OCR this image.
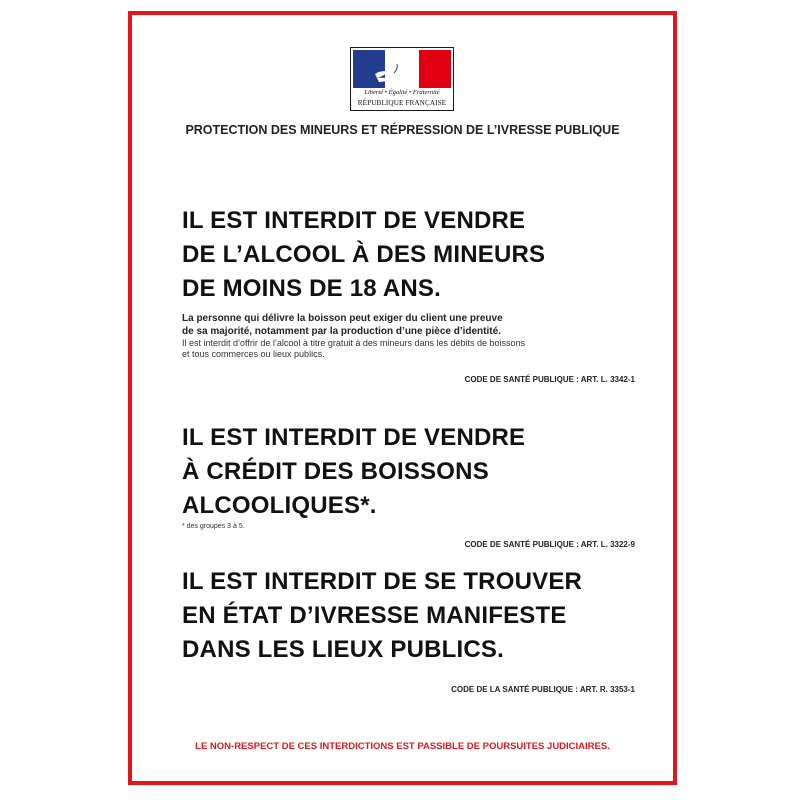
Liberté • Égalité • Fraternité
RÉPUBLIQUE FRANÇAISE
PROTECTION DES MINEURS ET RÉPRESSION DE L’IVRESSE PUBLIQUE
IL EST INTERDIT DE VENDRE
DE L’ALCOOL À DES MINEURS
DE MOINS DE 18 ANS.
La personne qui délivre la boisson peut exiger du client une preuve
de sa majorité, notamment par la production d’une pièce d’identité.
Il est interdit d’offrir de l’alcool à titre gratuit à des mineurs dans les débits de boissons
et tous commerces ou lieux publics.
CODE DE SANTÉ PUBLIQUE : ART. L. 3342-1
IL EST INTERDIT DE VENDRE
À CRÉDIT DES BOISSONS
ALCOOLIQUES*.
* des groupes 3 à 5.
CODE DE SANTÉ PUBLIQUE : ART. L. 3322-9
IL EST INTERDIT DE SE TROUVER
EN ÉTAT D’IVRESSE MANIFESTE
DANS LES LIEUX PUBLICS.
CODE DE LA SANTÉ PUBLIQUE : ART. R. 3353-1
LE NON-RESPECT DE CES INTERDICTIONS EST PASSIBLE DE POURSUITES JUDICIAIRES.
